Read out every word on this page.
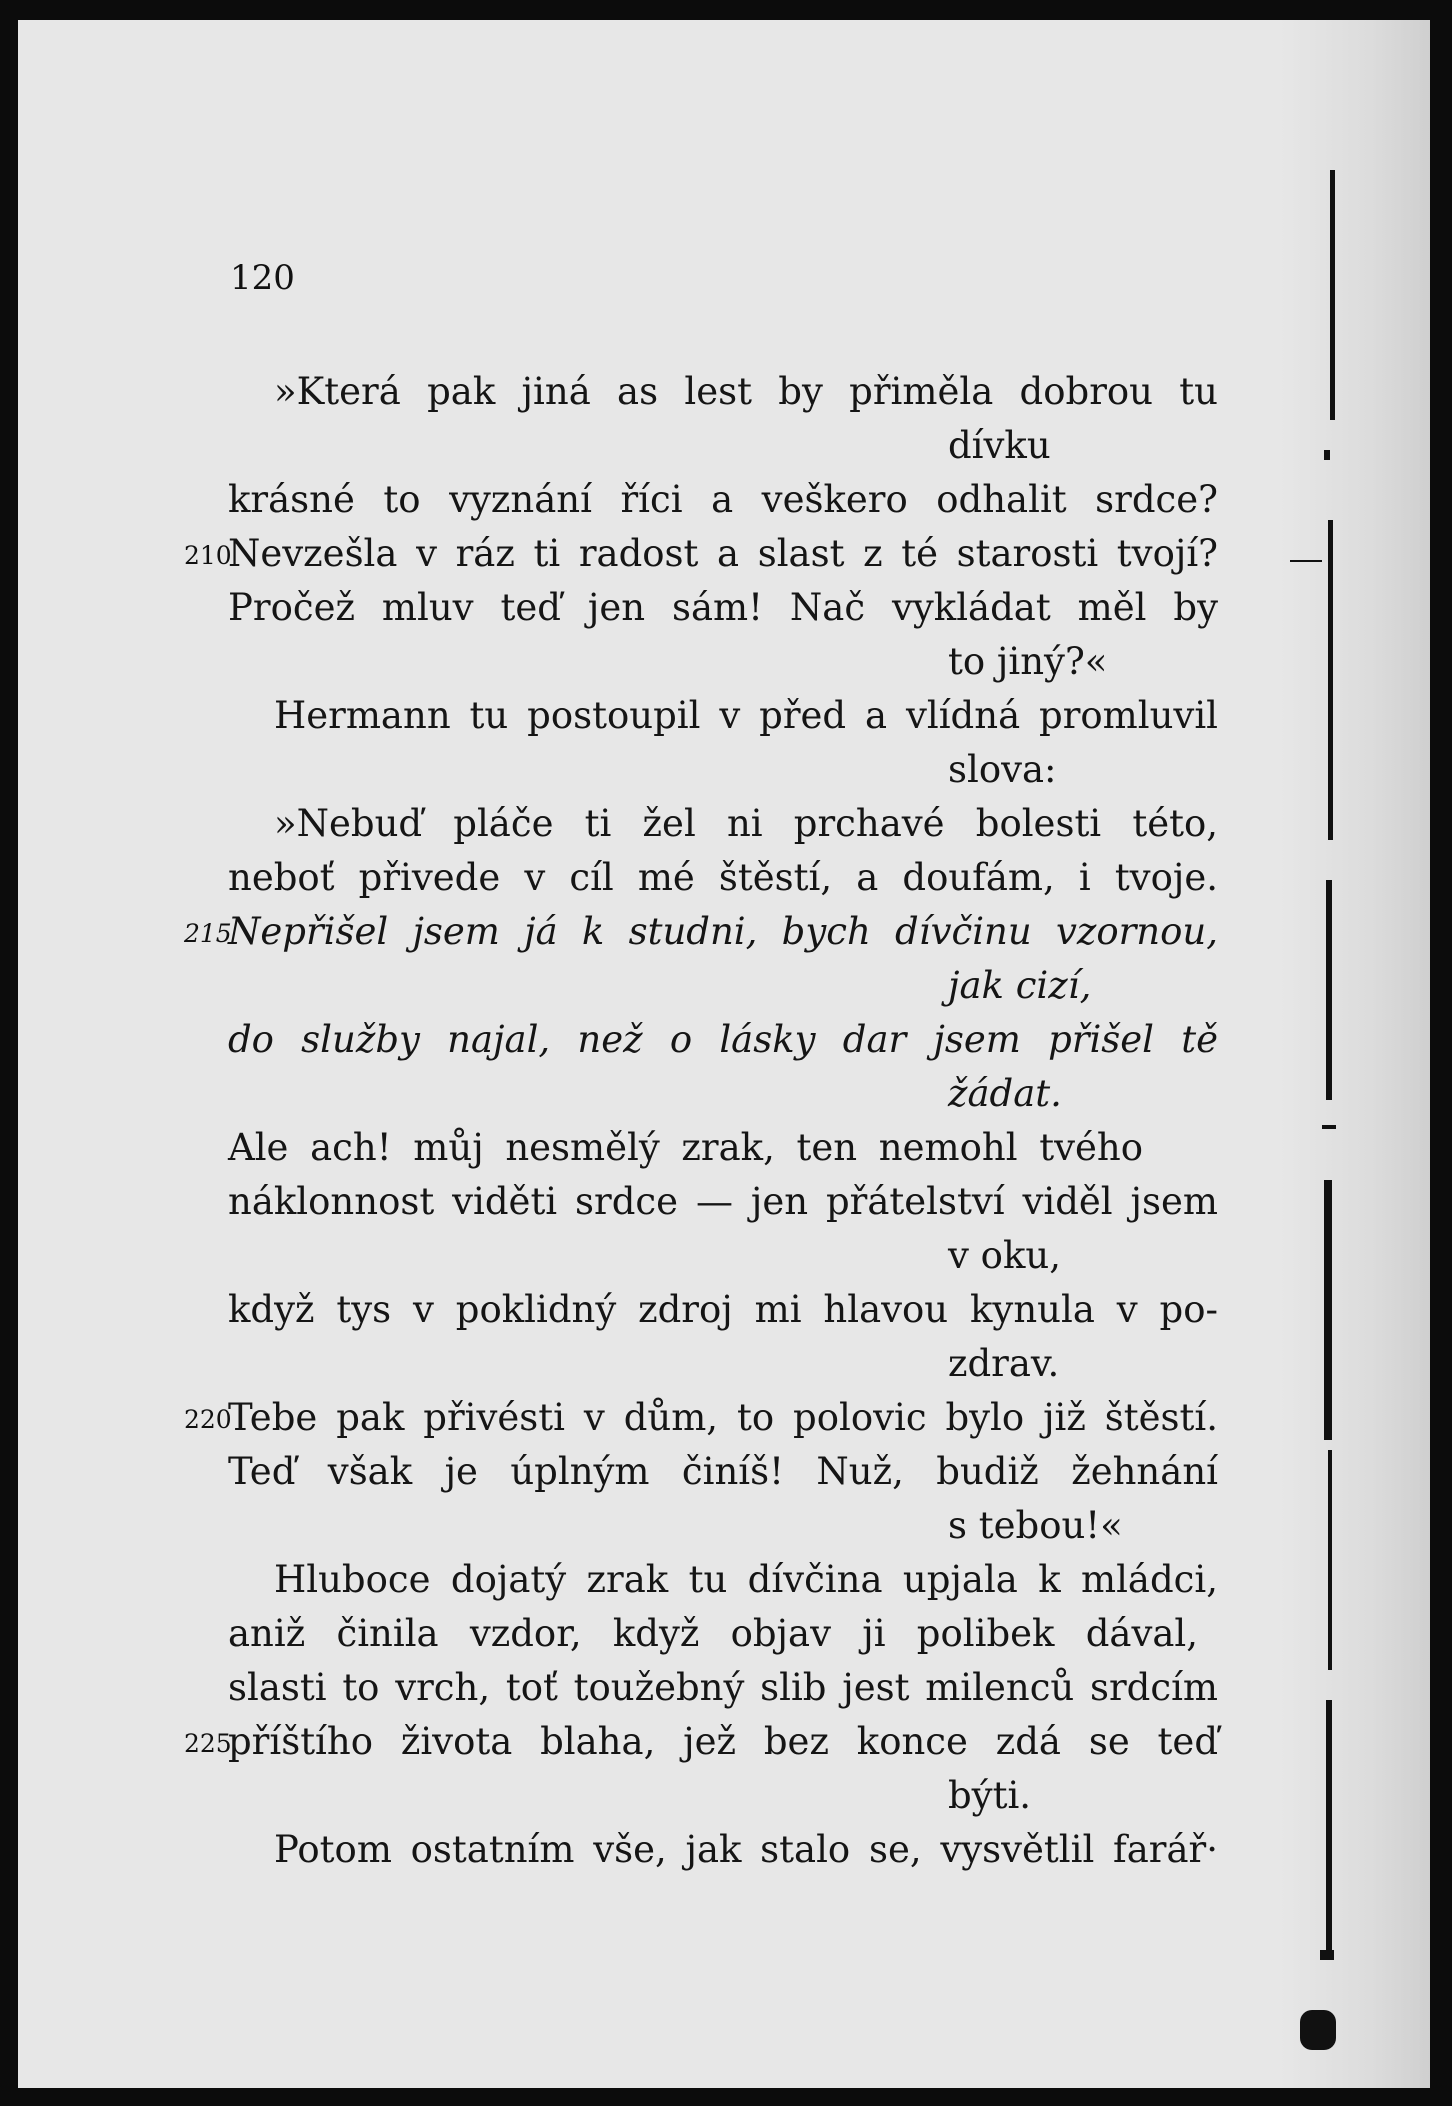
120
»Která pak jiná as lest by přiměla dobrou tu
dívku
krásné to vyznání říci a veškero odhalit srdce?
210
Nevzešla v ráz ti radost a slast z té starosti tvojí?
Pročež mluv teď jen sám! Nač vykládat měl by
to jiný?«
Hermann tu postoupil v před a vlídná promluvil
slova:
»Nebuď pláče ti žel ni prchavé bolesti této,
neboť přivede v cíl mé štěstí, a doufám, i tvoje.
215
Nepřišel jsem já k studni, bych dívčinu vzornou,
jak cizí,
do služby najal, než o lásky dar jsem přišel tě
žádat.
Ale ach! můj nesmělý zrak, ten nemohl tvého
náklonnost viděti srdce — jen přátelství viděl jsem
v oku,
když tys v poklidný zdroj mi hlavou kynula v po-
zdrav.
220
Tebe pak přivésti v dům, to polovic bylo již štěstí.
Teď však je úplným činíš! Nuž, budiž žehnání
s tebou!«
Hluboce dojatý zrak tu dívčina upjala k mládci,
aniž činila vzdor, když objav ji polibek dával,
slasti to vrch, toť toužebný slib jest milenců srdcím
225
příštího života blaha, jež bez konce zdá se teď
býti.
Potom ostatním vše, jak stalo se, vysvětlil farář·
